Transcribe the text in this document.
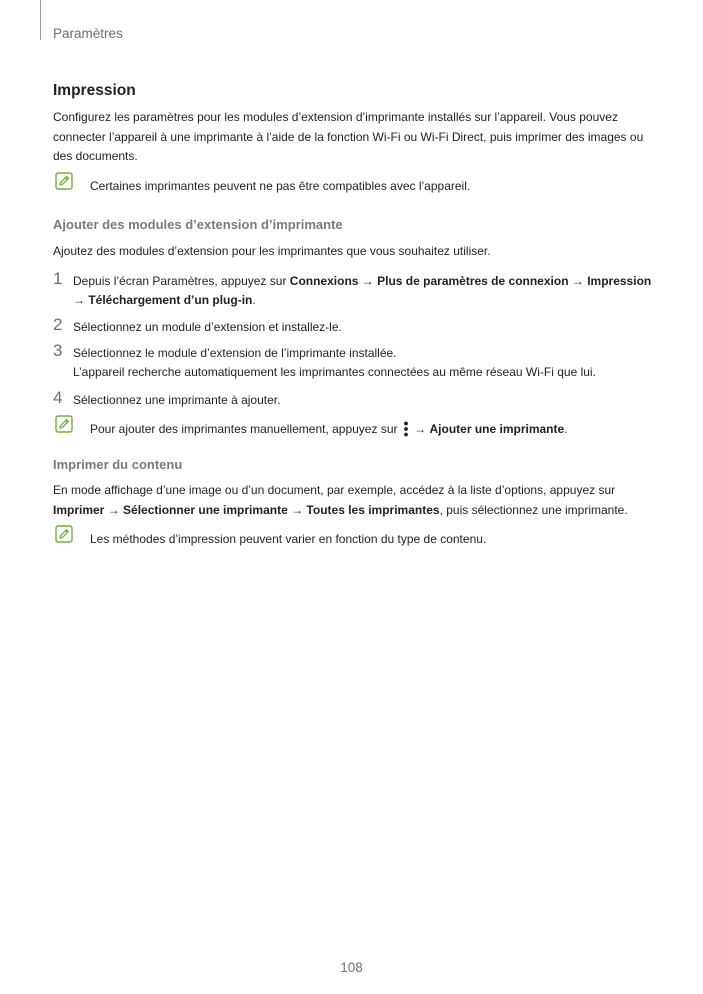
Paramètres
Impression

Configurez les paramètres pour les modules d’extension d’imprimante installés sur l’appareil. Vous pouvez connecter l’appareil à une imprimante à l’aide de la fonction Wi-Fi ou Wi-Fi Direct, puis imprimer des images ou des documents.

Certaines imprimantes peuvent ne pas être compatibles avec l’appareil.

Ajouter des modules d’extension d’imprimante

Ajoutez des modules d’extension pour les imprimantes que vous souhaitez utiliser.

1 Depuis l’écran Paramètres, appuyez sur Connexions → Plus de paramètres de connexion → Impression
→ Téléchargement d’un plug-in.
2 Sélectionnez un module d’extension et installez-le.
3 Sélectionnez le module d’extension de l’imprimante installée.
L’appareil recherche automatiquement les imprimantes connectées au même réseau Wi-Fi que lui.
4 Sélectionnez une imprimante à ajouter.

Pour ajouter des imprimantes manuellement, appuyez sur  → Ajouter une imprimante.

Imprimer du contenu

En mode affichage d’une image ou d’un document, par exemple, accédez à la liste d’options, appuyez sur Imprimer → Sélectionner une imprimante → Toutes les imprimantes, puis sélectionnez une imprimante.

Les méthodes d’impression peuvent varier en fonction du type de contenu.

108
